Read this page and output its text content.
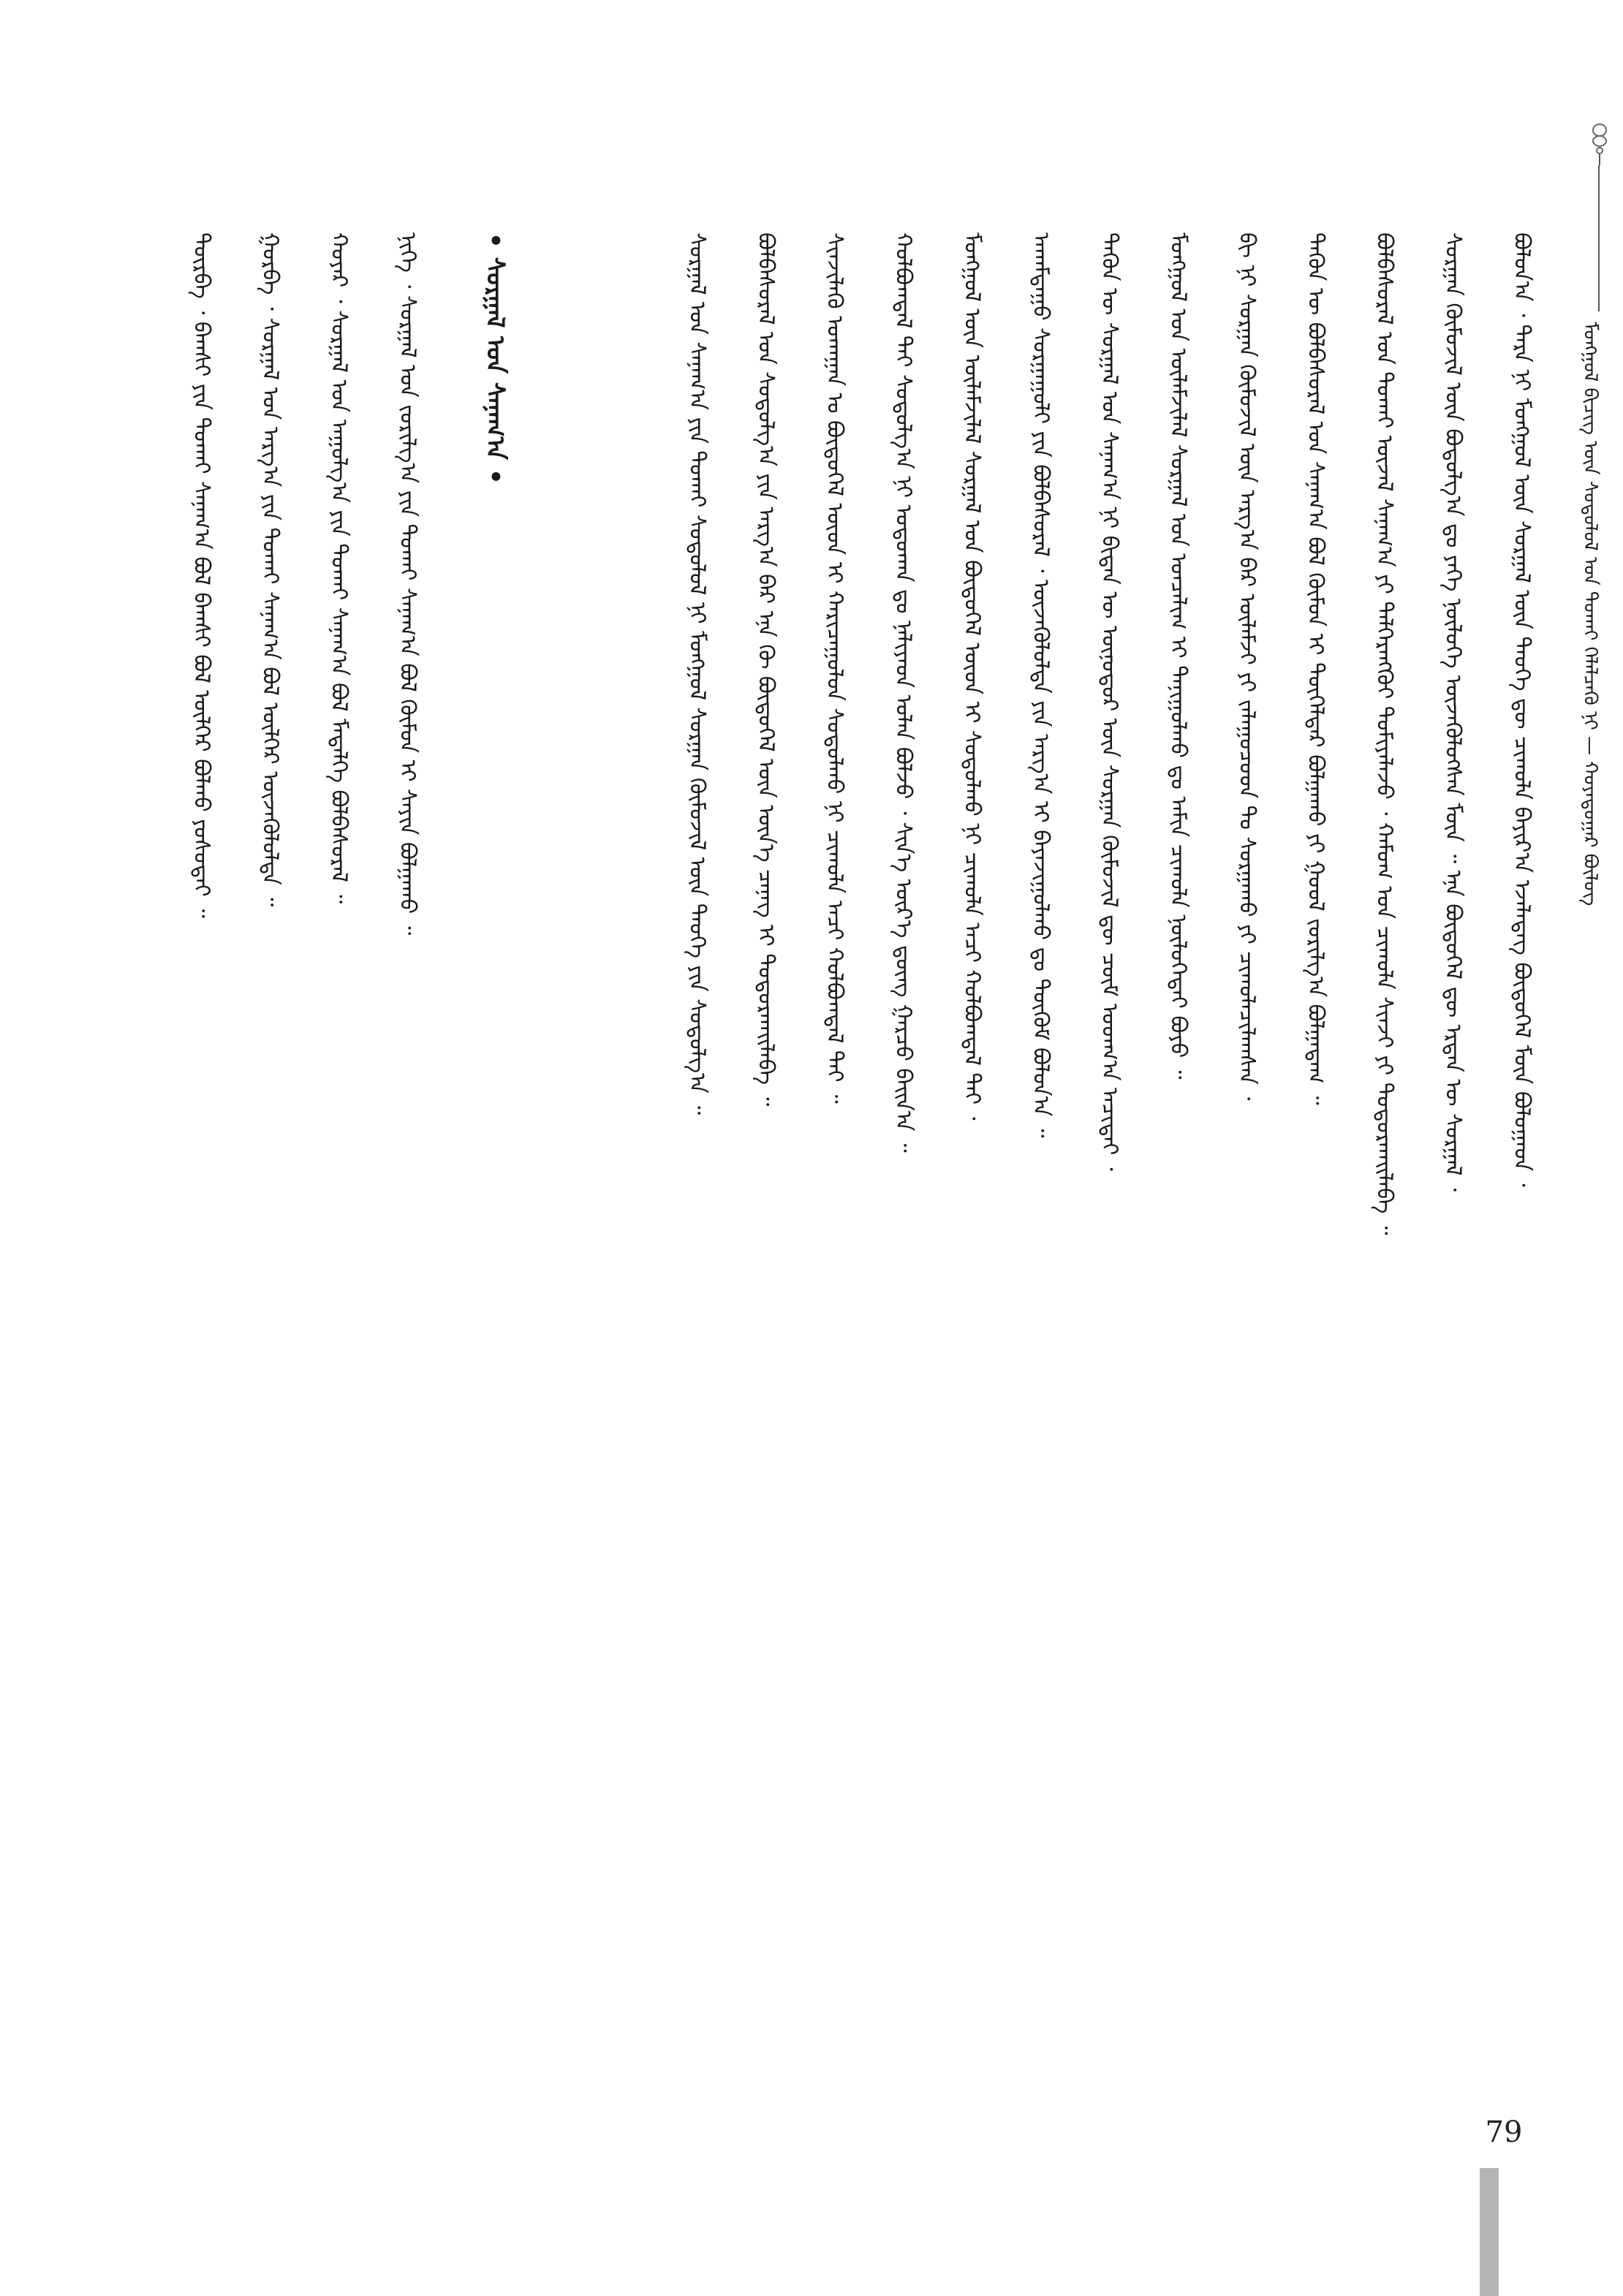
ᠮᠣᠩᠭᠣᠯ ᠪᠢᠴᠢᠭ ᠦᠨ ᠰᠤᠳᠤᠯᠤᠯ ᠤᠨ ᠲᠤᠬᠠᠢ ᠬᠡᠯᠡᠯᠴᠡᠬᠦ ᠨᠢ — ᠬᠣᠶᠠᠳᠤᠭᠠᠷ ᠪᠦᠯᠦᠭ
ᠪᠣᠯᠤᠨ᠎ᠠ ᠂ ᠲᠡᠷᠡ ᠨᠢ ᠮᠣᠩᠭᠣᠯ ᠦᠨ ᠰᠤᠷᠭᠠᠯ ᠦᠨ ᠲᠡᠦᠬᠡ ᠳᠦ ᠴᠢᠬᠤᠯᠠ ᠪᠠᠶᠢᠷ᠎ᠠ ᠡᠵᠡᠯᠡᠳᠡᠭ ᠪᠦᠲᠦᠭᠡᠯ ᠮᠥᠨ ᠪᠤᠯᠤᠭᠠᠳ ᠂
ᠰᠤᠷᠭᠠᠨ ᠬᠦᠮᠦᠵᠢᠯ ᠦᠨ ᠪᠤᠳᠤᠯᠭ᠎ᠠ ᠳᠤ ᠶᠡᠬᠡ ᠨᠥᠯᠦᠭᠡ ᠦᠵᠡᠭᠦᠯᠦᠭᠰᠡᠨ ᠮᠥᠨ ᠃ ᠡᠨᠡ ᠪᠦᠲᠦᠭᠡᠯ ᠳᠦ ᠡᠷᠲᠡᠨ ᠦ ᠰᠤᠷᠭᠠᠯ ᠂
ᠪᠣᠯᠪᠠᠰᠤᠷᠠᠯ ᠤᠨ ᠲᠤᠬᠠᠢ ᠦᠵᠡᠯ ᠰᠠᠨᠠᠭ᠎ᠠ ᠶᠢ ᠳᠡᠯᠭᠡᠷᠡᠩᠭᠦᠢ ᠲᠣᠮᠢᠶᠠᠯᠠᠵᠤ ᠂ ᠬᠠᠮᠤᠭ ᠤᠨ ᠴᠢᠬᠤᠯᠠ ᠰᠢᠨᠵᠢ ᠶᠢ ᠲᠣᠳᠣᠷᠬᠠᠢᠯᠠᠪᠠ ᠃
ᠲᠡᠭᠦᠨ ᠦ ᠪᠣᠯᠪᠠᠰᠤᠷᠠᠯ ᠤᠨ ᠰᠠᠨᠠᠭ᠎ᠠ ᠪᠣᠯ ᠬᠦᠮᠦᠨ ᠢ ᠲᠥᠭᠡᠯᠳᠡᠷ ᠪᠣᠯᠭᠠᠬᠤ ᠶᠢ ᠭᠣᠣᠯ ᠵᠣᠷᠢᠯᠭ᠎ᠠ ᠪᠣᠯᠭᠠᠳᠠᠭ ᠃
ᠪᠢ ᠨᠢ ᠰᠤᠷᠭᠠᠨ ᠬᠦᠮᠦᠵᠢᠯ ᠦᠨ ᠠᠷᠭ᠎ᠠ ᠪᠠᠷ ᠦᠯᠡᠮᠵᠢ ᠶᠢ ᠵᠠᠯᠠᠭᠤᠴᠤᠳ ᠲᠤ ᠰᠤᠷᠭᠠᠬᠤ ᠶᠢ ᠴᠢᠬᠤᠯᠠᠴᠢᠯᠠᠭᠰᠠᠨ ᠂
ᠮᠣᠩᠭᠣᠯ ᠤᠨ ᠦᠯᠡᠮᠵᠢᠯᠡᠯ ᠰᠤᠷᠭᠠᠯ ᠤᠨ ᠣᠨᠴᠠᠯᠢᠭ ᠢ ᠲᠠᠨᠢᠭᠤᠯᠬᠤ ᠳᠤ ᠠᠮᠢᠨ ᠴᠢᠬᠤᠯᠠ ᠨᠥᠯᠦᠭᠡᠲᠡᠢ ᠪᠤᠶᠤ ᠃
ᠲᠡᠭᠦᠨ ᠦ ᠰᠤᠷᠭᠠᠯ ᠤᠨ ᠰᠠᠨᠠᠭ᠎ᠠ ᠨᠢ ᠪᠢᠳᠡᠨ ᠦ ᠥᠨᠥᠳᠥᠷ ᠦᠨ ᠰᠤᠷᠭᠠᠨ ᠬᠦᠮᠦᠵᠢᠯ ᠳᠦ ᠴᠥᠮ ᠤᠳᠬ᠎ᠠ ᠠᠴᠢᠲᠠᠢ ᠂
ᠠᠬᠠᠮᠳᠠᠭᠤ ᠰᠤᠷᠭᠠᠭᠤᠯᠢ ᠶᠢᠨ ᠪᠣᠯᠪᠠᠰᠤᠷᠠᠯ ᠂ ᠦᠵᠡᠭᠦᠯᠦᠯᠲᠡ ᠶᠢᠨ ᠠᠷᠭ᠎ᠠ ᠢ ᠪᠠᠶᠠᠵᠢᠭᠤᠯᠬᠤ ᠳᠤ ᠳᠥᠭᠥᠮ ᠪᠣᠯᠣᠨ᠎ᠠ ᠃
ᠮᠣᠩᠭᠣᠯ ᠦᠨ ᠦᠯᠡᠮᠵᠢᠯᠡᠯ ᠰᠤᠷᠭᠠᠯ ᠤᠨ ᠪᠦᠲᠦᠭᠡᠯ ᠦᠳ ᠢ ᠰᠤᠳᠤᠯᠬᠤ ᠨᠢ ᠴᠢᠬᠤᠯᠠ ᠠᠴᠢ ᠬᠣᠯᠪᠣᠭᠳᠠᠯ ᠲᠠᠢ ᠂
ᠬᠣᠯᠪᠣᠭᠳᠠᠯ ᠲᠠᠢ ᠰᠤᠳᠤᠯᠭ᠎ᠠ ᠨᠢ ᠣᠳᠣᠬᠠᠨ ᠳᠤ ᠨᠡᠯᠢᠶᠡᠳ ᠣᠯᠠᠨ ᠪᠣᠯᠵᠤ ᠂ ᠰᠢᠨ᠎ᠡ ᠦᠷ᠎ᠡ ᠳ᠋ᠦᠩ ᠭᠠᠷᠴᠤ ᠪᠠᠢᠨ᠎ᠠ ᠃
ᠰᠢᠨᠵᠢᠯᠡᠬᠦ ᠤᠬᠠᠭᠠᠨ ᠤ ᠪᠦᠲᠦᠭᠡᠯ ᠦᠳ ᠢ ᠬᠠᠷᠢᠴᠠᠭᠤᠯᠤᠨ ᠰᠤᠳᠤᠯᠬᠤ ᠨᠢ ᠴᠢᠬᠤᠯᠠ ᠠᠴᠢ ᠬᠣᠯᠪᠣᠭᠳᠠᠯ ᠲᠠᠢ ᠃
ᠪᠣᠯᠪᠠᠰᠤᠷᠠᠯ ᠤᠨ ᠰᠤᠳᠤᠯᠭ᠎ᠠ ᠶᠢᠨ ᠠᠷᠭ᠎ᠠ ᠪᠠᠷ ᠡᠨᠡ ᠬᠦ ᠪᠦᠲᠦᠭᠡᠯ ᠦᠨ ᠦᠨ᠎ᠡ ᠴᠡᠨᠡᠭ ᠢ ᠲᠣᠳᠣᠷᠬᠠᠢᠯᠠᠪᠠ ᠃
ᠰᠤᠷᠭᠠᠯ ᠤᠨ ᠰᠠᠨᠠᠭ᠎ᠠ ᠶᠢᠨ ᠲᠤᠬᠠᠢ ᠰᠤᠳᠤᠯᠤᠯ ᠨᠢ ᠮᠣᠩᠭᠣᠯ ᠰᠤᠷᠭᠠᠨ ᠬᠦᠮᠦᠵᠢᠯ ᠦᠨ ᠲᠡᠦᠬᠡ ᠶᠢᠨ ᠰᠤᠳᠤᠯᠭ᠎ᠠ ᠃
• ᠰᠤᠷᠭᠠᠯ ᠤᠨ ᠰᠠᠨᠠᠭ᠎ᠠ •
ᠨᠢᠭᠡ ᠂ ᠰᠤᠷᠭᠠᠯ ᠤᠨ ᠵᠣᠷᠢᠯᠭ᠎ᠠ ᠶᠢᠨ ᠲᠤᠬᠠᠢ ᠰᠠᠨᠠᠭ᠎ᠠ ᠪᠣᠯ ᠬᠦᠮᠦᠨ ᠢ ᠰᠠᠶᠢᠨ ᠪᠣᠯᠭᠠᠬᠤ ᠃
ᠬᠣᠶᠠᠷ ᠂ ᠰᠤᠷᠭᠠᠯ ᠤᠨ ᠠᠭᠤᠯᠭ᠎ᠠ ᠶᠢᠨ ᠲᠤᠬᠠᠢ ᠰᠠᠨᠠᠭ᠎ᠠ ᠪᠣᠯ ᠮᠡᠳᠡᠯᠭᠡ ᠪᠣᠯᠪᠠᠰᠤᠷᠠᠯ ᠃
ᠭᠤᠷᠪᠠ ᠂ ᠰᠤᠷᠭᠠᠯ ᠤᠨ ᠠᠷᠭ᠎ᠠ ᠶᠢᠨ ᠲᠤᠬᠠᠢ ᠰᠠᠨᠠᠭ᠎ᠠ ᠪᠣᠯ ᠦᠯᠭᠡᠷ ᠦᠵᠡᠭᠦᠯᠦᠯᠲᠡ ᠃
ᠳᠥᠷᠪᠡ ᠂ ᠪᠠᠭᠰᠢ ᠶᠢᠨ ᠲᠤᠬᠠᠢ ᠰᠠᠨᠠᠭ᠎ᠠ ᠪᠣᠯ ᠪᠠᠭᠰᠢ ᠪᠣᠯ ᠦᠯᠭᠡᠷ ᠪᠣᠯᠬᠤ ᠶᠣᠰᠣᠲᠠᠢ ᠃
79
